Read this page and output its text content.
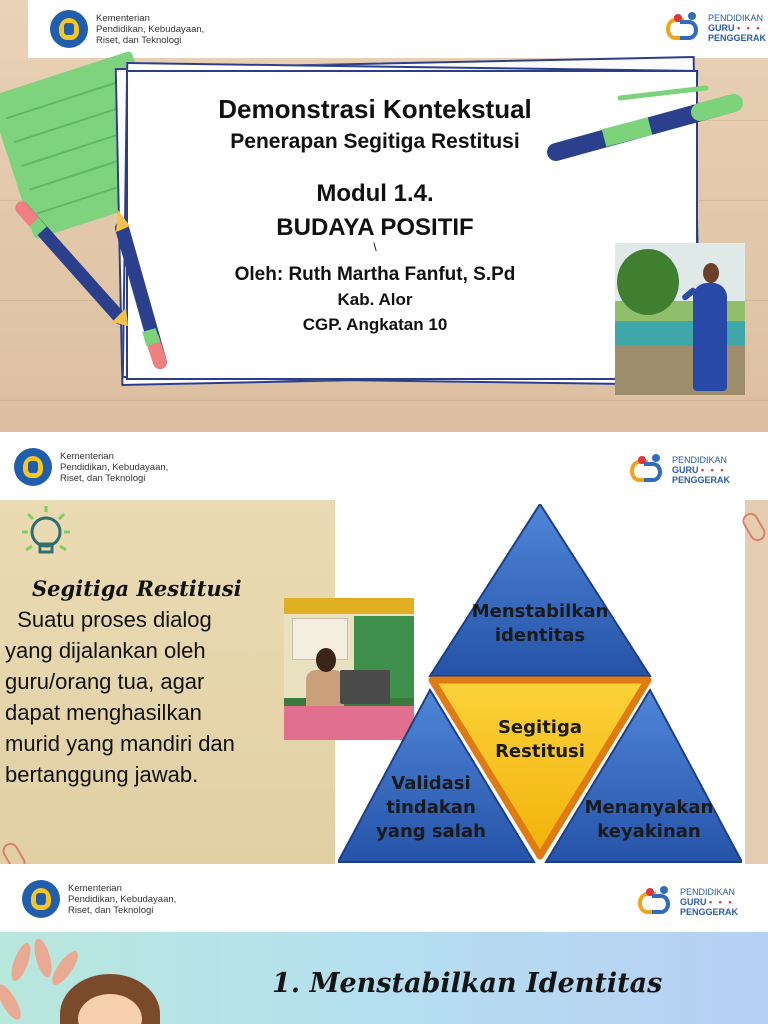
Kementerian
Pendidikan, Kebudayaan,
Riset, dan Teknologi
PENDIDIKAN
GURU • • •
PENGGERAK
Demonstrasi Kontekstual
Penerapan Segitiga Restitusi
Modul 1.4.
BUDAYA POSITIF
\
Oleh: Ruth Martha Fanfut, S.Pd
Kab. Alor
CGP. Angkatan 10
Kementerian
Pendidikan, Kebudayaan,
Riset, dan Teknologi
PENDIDIKAN
GURU • • •
PENGGERAK
Segitiga Restitusi
Suatu proses dialog
yang dijalankan oleh
guru/orang tua, agar
dapat menghasilkan
murid yang mandiri dan
bertanggung jawab.
Menstabilkan
identitas
Segitiga
Restitusi
Validasi
tindakan
yang salah
Menanyakan
keyakinan
Kementerian
Pendidikan, Kebudayaan,
Riset, dan Teknologi
PENDIDIKAN
GURU • • •
PENGGERAK
1. Menstabilkan Identitas
